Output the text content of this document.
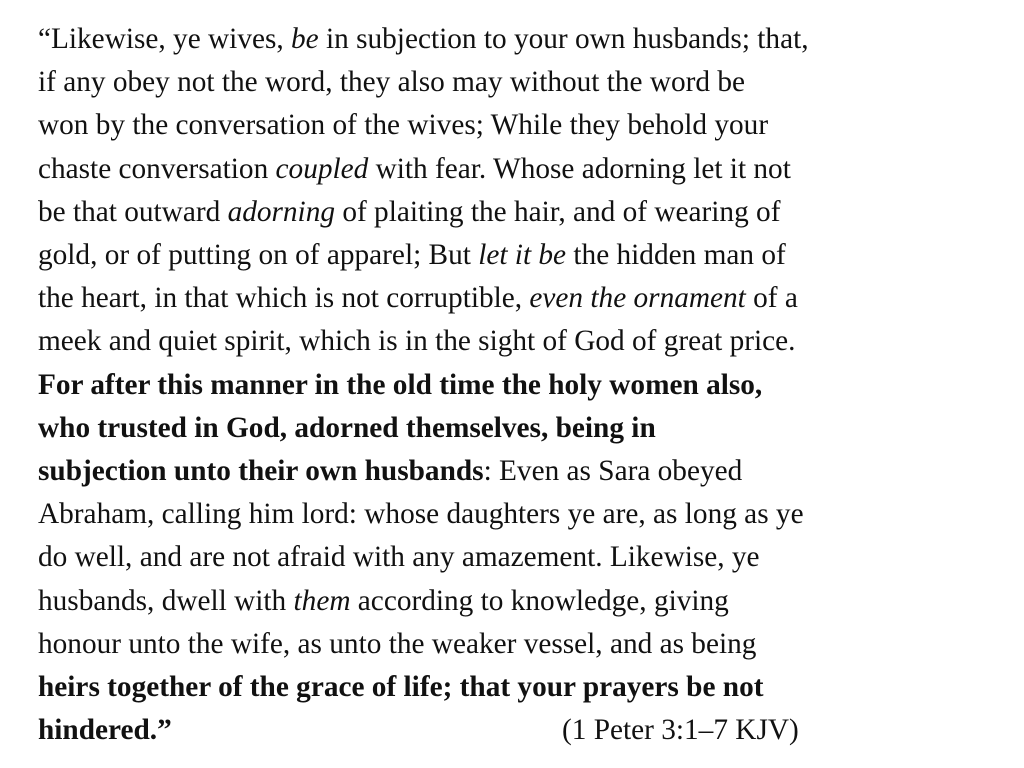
“Likewise, ye wives, be in subjection to your own husbands; that,
if any obey not the word, they also may without the word be
won by the conversation of the wives; While they behold your
chaste conversation coupled with fear. Whose adorning let it not
be that outward adorning of plaiting the hair, and of wearing of
gold, or of putting on of apparel; But let it be the hidden man of
the heart, in that which is not corruptible, even the ornament of a
meek and quiet spirit, which is in the sight of God of great price.
For after this manner in the old time the holy women also,
who trusted in God, adorned themselves, being in
subjection unto their own husbands: Even as Sara obeyed
Abraham, calling him lord: whose daughters ye are, as long as ye
do well, and are not afraid with any amazement. Likewise, ye
husbands, dwell with them according to knowledge, giving
honour unto the wife, as unto the weaker vessel, and as being
heirs together of the grace of life; that your prayers be not
hindered.”	(1 Peter 3:1–7 KJV)
